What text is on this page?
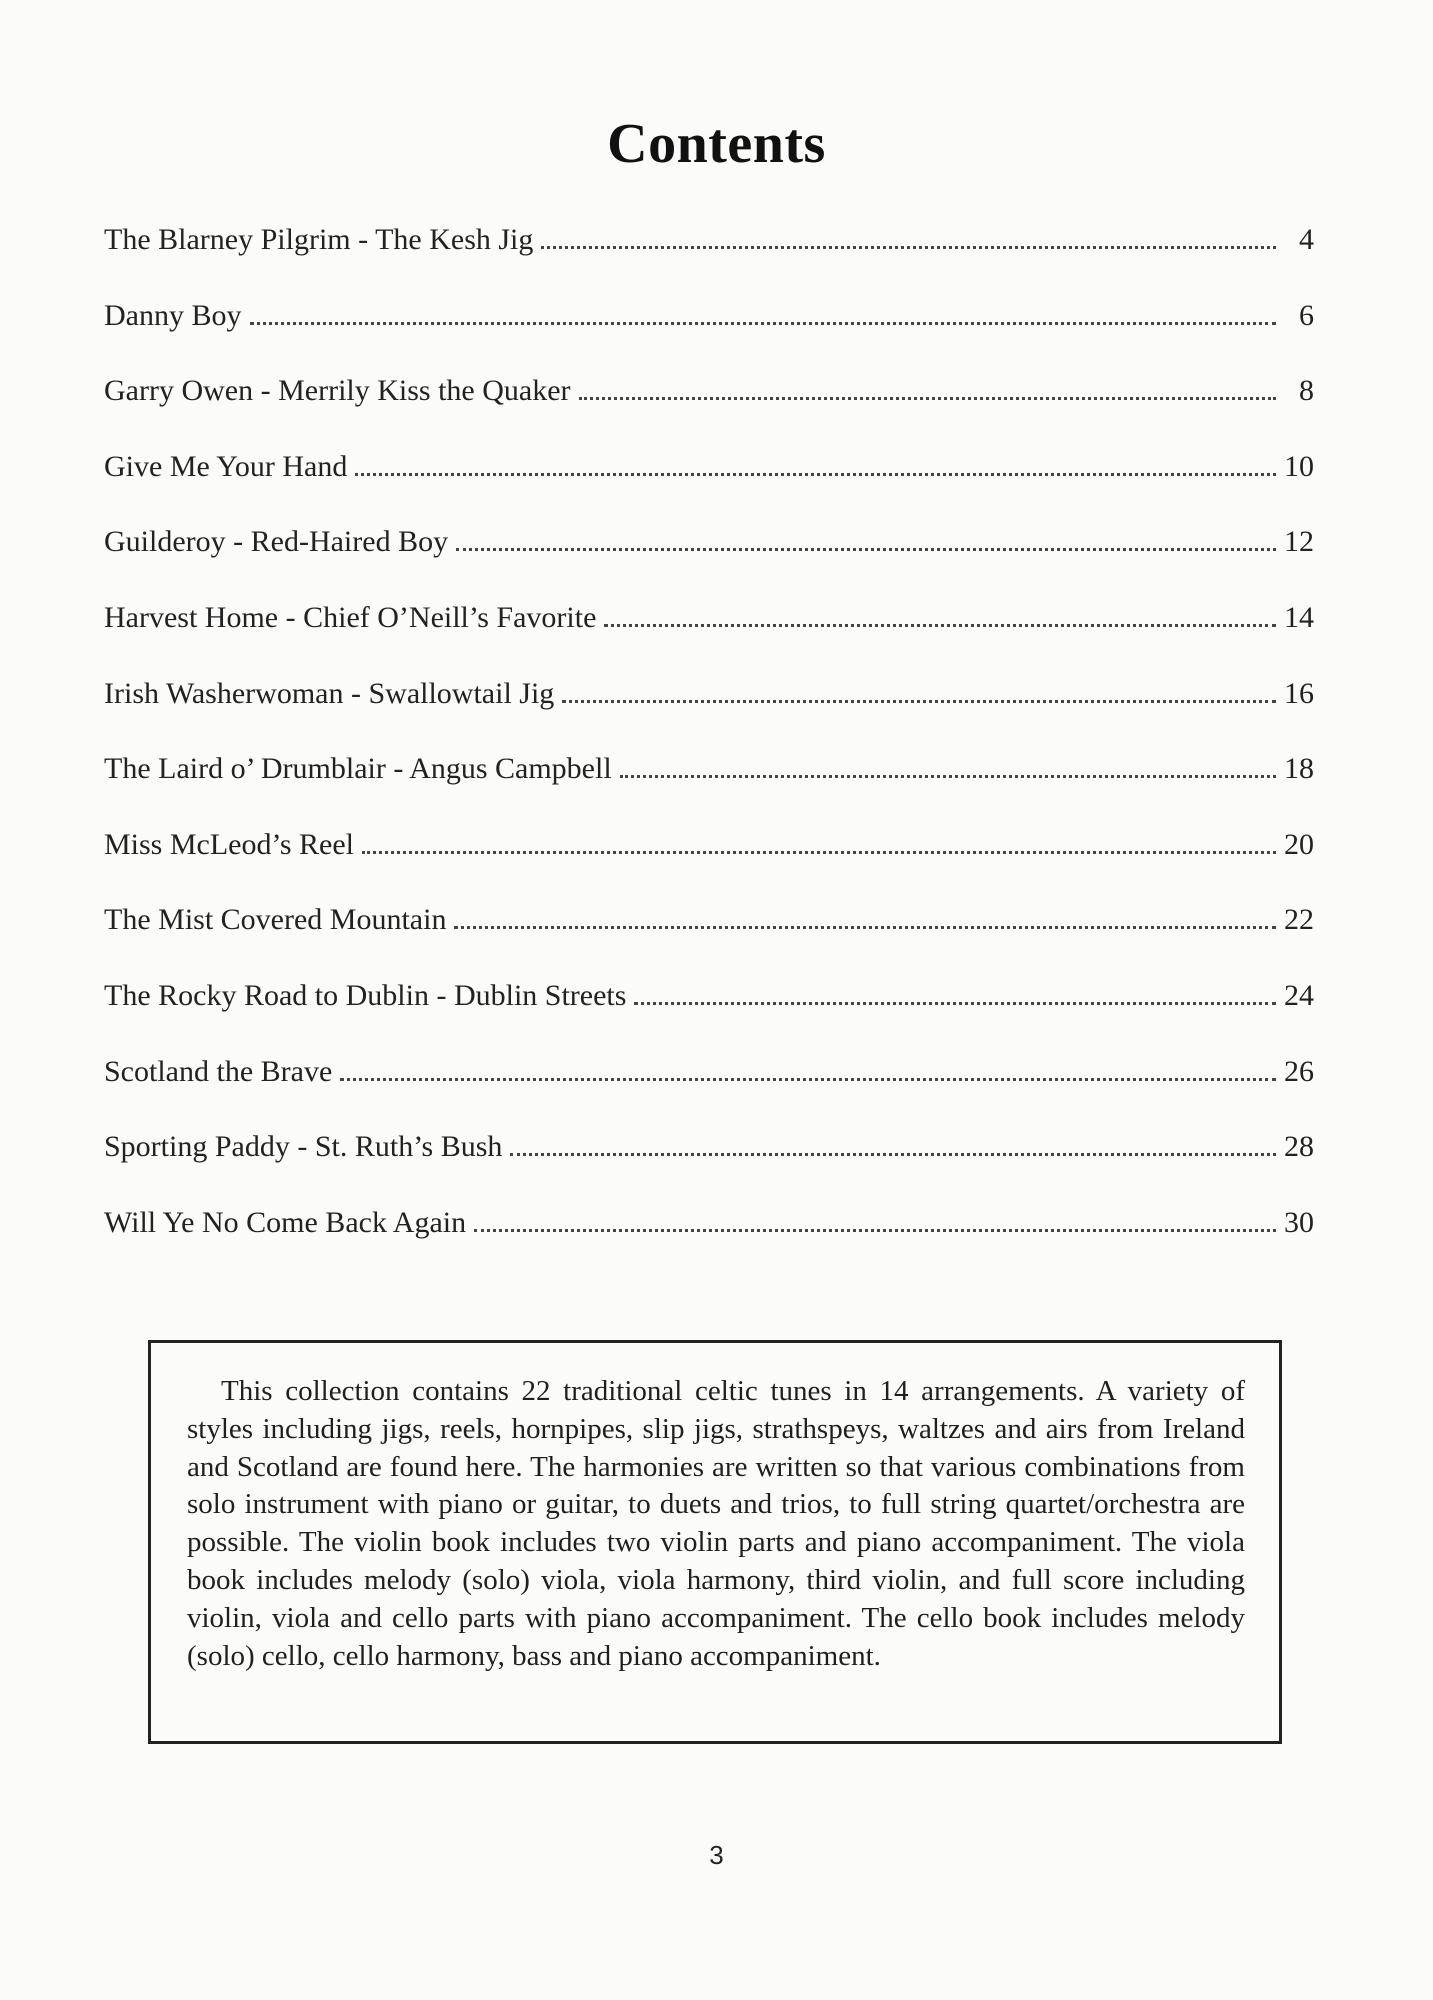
Contents
The Blarney Pilgrim - The Kesh Jig	4
Danny Boy	6
Garry Owen - Merrily Kiss the Quaker	8
Give Me Your Hand	10
Guilderoy - Red-Haired Boy	12
Harvest Home - Chief O’Neill’s Favorite	14
Irish Washerwoman - Swallowtail Jig	16
The Laird o’ Drumblair - Angus Campbell	18
Miss McLeod’s Reel	20
The Mist Covered Mountain	22
The Rocky Road to Dublin - Dublin Streets	24
Scotland the Brave	26
Sporting Paddy - St. Ruth’s Bush	28
Will Ye No Come Back Again	30

This collection contains 22 traditional celtic tunes in 14 arrangements. A variety of styles including jigs, reels, hornpipes, slip jigs, strathspeys, waltzes and airs from Ireland and Scotland are found here. The harmonies are written so that various combinations from solo instrument with piano or guitar, to duets and trios, to full string quartet/orchestra are possible. The violin book includes two violin parts and piano accompaniment. The viola book includes melody (solo) viola, viola harmony, third violin, and full score including violin, viola and cello parts with piano accompaniment. The cello book includes melody (solo) cello, cello harmony, bass and piano accompaniment.

3
